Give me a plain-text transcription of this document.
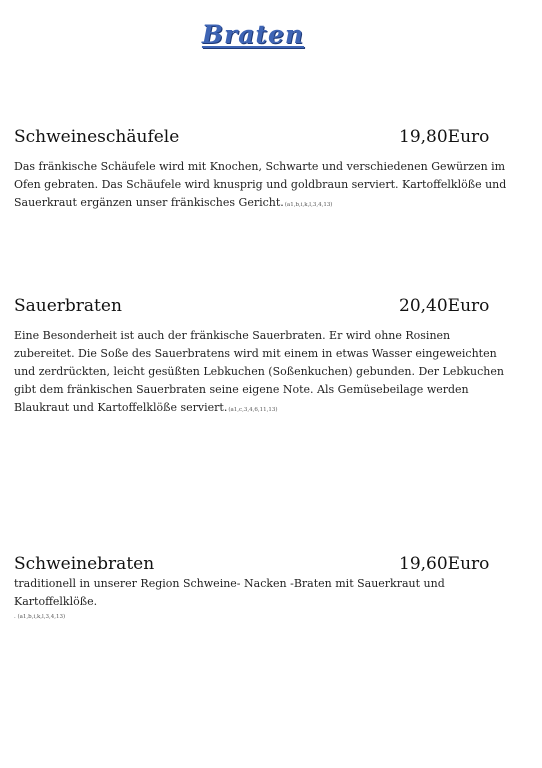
Braten
Schweineschäufele	19,80Euro

Das fränkische Schäufele wird mit Knochen, Schwarte und verschiedenen Gewürzen im Ofen gebraten. Das Schäufele wird knusprig und goldbraun serviert. Kartoffelklöße und Sauerkraut ergänzen unser fränkisches Gericht.(a1,b,i,k,l,3,4,13)

Sauerbraten	20,40Euro

Eine Besonderheit ist auch der fränkische Sauerbraten. Er wird ohne Rosinen zubereitet. Die Soße des Sauerbratens wird mit einem in etwas Wasser eingeweichten und zerdrückten, leicht gesüßten Lebkuchen (Soßenkuchen) gebunden. Der Lebkuchen gibt dem fränkischen Sauerbraten seine eigene Note. Als Gemüsebeilage werden Blaukraut und Kartoffelklöße serviert.(a1,c,3,4,6,11,13)

Schweinebraten	19,60Euro

traditionell in unserer Region Schweine- Nacken -Braten mit Sauerkraut und Kartoffelklöße.

. (a1,b,i,k,l,3,4,13)
